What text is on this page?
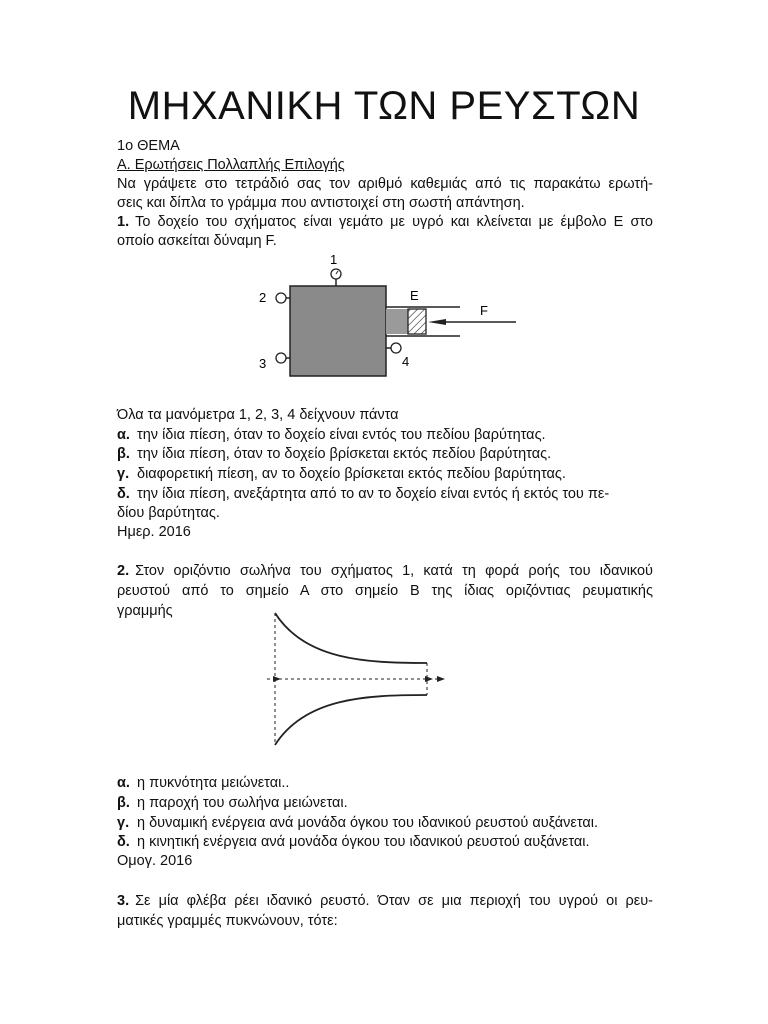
ΜΗΧΑΝΙΚΗ ΤΩΝ ΡΕΥΣΤΩΝ
1ο ΘΕΜΑ
Α. Ερωτήσεις Πολλαπλής Επιλογής
Να γράψετε στο τετράδιό σας τον αριθμό καθεμιάς από τις παρακάτω ερωτή-
σεις και δίπλα το γράμμα που αντιστοιχεί στη σωστή απάντηση.
1. Το δοχείο του σχήματος είναι γεμάτο με υγρό και κλείνεται με έμβολο Ε στο
οποίο ασκείται δύναμη F.
1
2
3	4
E
F
Όλα τα μανόμετρα 1, 2, 3, 4 δείχνουν πάντα
α. την ίδια πίεση, όταν το δοχείο είναι εντός του πεδίου βαρύτητας.
β. την ίδια πίεση, όταν το δοχείο βρίσκεται εκτός πεδίου βαρύτητας.
γ. διαφορετική πίεση, αν το δοχείο βρίσκεται εκτός πεδίου βαρύτητας.
δ. την ίδια πίεση, ανεξάρτητα από το αν το δοχείο είναι εντός ή εκτός του πε-
δίου βαρύτητας.
Ημερ. 2016
2. Στον οριζόντιο σωλήνα του σχήματος 1, κατά τη φορά ροής του ιδανικού
ρευστού από το σημείο Α στο σημείο Β της ίδιας οριζόντιας ρευματικής
γραμμής
α. η πυκνότητα μειώνεται..
β. η παροχή του σωλήνα μειώνεται.
γ. η δυναμική ενέργεια ανά μονάδα όγκου του ιδανικού ρευστού αυξάνεται.
δ. η κινητική ενέργεια ανά μονάδα όγκου του ιδανικού ρευστού αυξάνεται.
Ομογ. 2016
3. Σε μία φλέβα ρέει ιδανικό ρευστό. Όταν σε μια περιοχή του υγρού οι ρευ-
ματικές γραμμές πυκνώνουν, τότε:
